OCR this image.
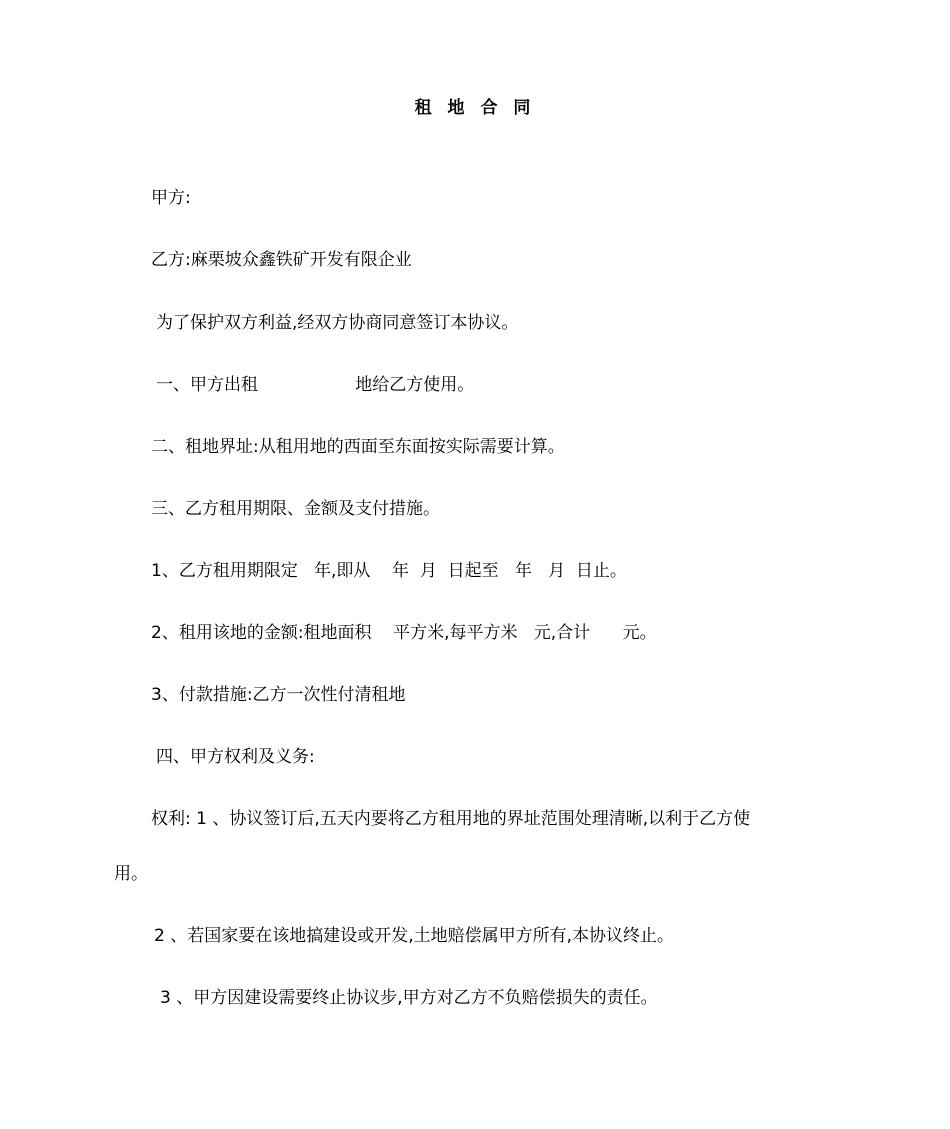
租 地 合 同
甲方:
乙方:麻栗坡众鑫铁矿开发有限企业
为了保护双方利益,经双方协商同意签订本协议。
一、甲方出租                  地给乙方使用。
二、租地界址:从租用地的西面至东面按实际需要计算。
三、乙方租用期限、金额及支付措施。
1、乙方租用期限定   年,即从    年  月  日起至   年   月  日止。
2、租用该地的金额:租地面积    平方米,每平方米   元,合计      元。
3、付款措施:乙方一次性付清租地
四、甲方权利及义务:
权利: 1 、协议签订后,五天内要将乙方租用地的界址范围处理清晰,以利于乙方使
用。
2 、若国家要在该地搞建设或开发,土地赔偿属甲方所有,本协议终止。
3 、甲方因建设需要终止协议步,甲方对乙方不负赔偿损失的责任。
